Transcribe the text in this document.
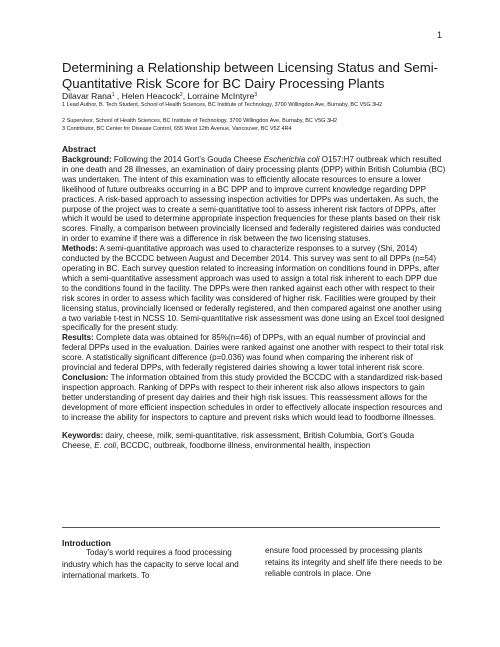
1
Determining a Relationship between Licensing Status and Semi-Quantitative Risk Score for BC Dairy Processing Plants
Dilavar Rana$^1$ , Helen Heacock$^2$, Lorraine McIntyre$^3$

1 Lead Author, B. Tech Student, School of Health Sciences, BC Institute of Technology, 3700 Willingdon Ave, Burnaby, BC V5G 3H2

2 Supervisor, School of Health Sciences, BC Institute of Technology, 3700 Willingdon Ave, Burnaby, BC V5G 3H2

3 Contributor, BC Center for Disease Control, 655 West 12th Avenue, Vancouver, BC V5Z 4R4

Abstract

Background: Following the 2014 Gort’s Gouda Cheese Escherichia coli O157:H7 outbreak which resulted in one death and 28 illnesses, an examination of dairy processing plants (DPP) within British Columbia (BC) was undertaken. The intent of this examination was to efficiently allocate resources to ensure a lower likelihood of future outbreaks occurring in a BC DPP and to improve current knowledge regarding DPP practices. A risk-based approach to assessing inspection activities for DPPs was undertaken. As such, the purpose of the project was to create a semi-quantitative tool to assess inherent risk factors of DPPs, after which it would be used to determine appropriate inspection frequencies for these plants based on their risk scores. Finally, a comparison between provincially licensed and federally registered dairies was conducted in order to examine if there was a difference in risk between the two licensing statuses.

Methods: A semi-quantitative approach was used to characterize responses to a survey (Shi, 2014) conducted by the BCCDC between August and December 2014. This survey was sent to all DPPs (n=54) operating in BC. Each survey question related to increasing information on conditions found in DPPs, after which a semi-quantitative assessment approach was used to assign a total risk inherent to each DPP due to the conditions found in the facility. The DPPs were then ranked against each other with respect to their risk scores in order to assess which facility was considered of higher risk. Facilities were grouped by their licensing status, provincially licensed or federally registered, and then compared against one another using a two variable t-test in NCSS 10. Semi-quantitative risk assessment was done using an Excel tool designed specifically for the present study.

Results: Complete data was obtained for 85%(n=46) of DPPs, with an equal number of provincial and federal DPPs used in the evaluation. Dairies were ranked against one another with respect to their total risk score. A statistically significant difference (p=0.036) was found when comparing the inherent risk of provincial and federal DPPs, with federally registered dairies showing a lower total inherent risk score.

Conclusion: The information obtained from this study provided the BCCDC with a standardized risk-based inspection approach. Ranking of DPPs with respect to their inherent risk also allows inspectors to gain better understanding of present day dairies and their high risk issues. This reassessment allows for the development of more efficient inspection schedules in order to effectively allocate inspection resources and to increase the ability for inspectors to capture and prevent risks which would lead to foodborne illnesses.

Keywords: dairy, cheese, milk, semi-quantitative, risk assessment, British Columbia, Gort’s Gouda Cheese, E. coli, BCCDC, outbreak, foodborne illness, environmental health, inspection

Introduction

Today’s world requires a food processing industry which has the capacity to serve local and international markets. To

ensure food processed by processing plants retains its integrity and shelf life there needs to be reliable controls in place. One
